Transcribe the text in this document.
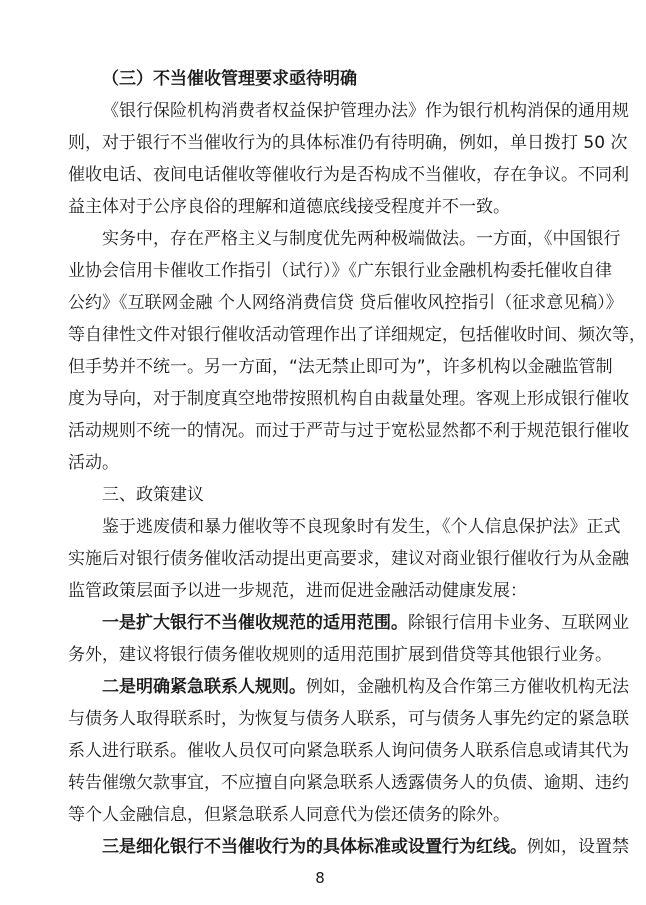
（三）不当催收管理要求亟待明确
《银行保险机构消费者权益保护管理办法》作为银行机构消保的通用规
则，对于银行不当催收行为的具体标准仍有待明确，例如，单日拨打 50 次
催收电话、夜间电话催收等催收行为是否构成不当催收，存在争议。不同利
益主体对于公序良俗的理解和道德底线接受程度并不一致。
实务中，存在严格主义与制度优先两种极端做法。一方面，《中国银行
业协会信用卡催收工作指引（试行）》《广东银行业金融机构委托催收自律
公约》《互联网金融 个人网络消费信贷 贷后催收风控指引（征求意见稿）》
等自律性文件对银行催收活动管理作出了详细规定，包括催收时间、频次等，
但手势并不统一。另一方面，“法无禁止即可为”，许多机构以金融监管制
度为导向，对于制度真空地带按照机构自由裁量处理。客观上形成银行催收
活动规则不统一的情况。而过于严苛与过于宽松显然都不利于规范银行催收
活动。
三、政策建议
鉴于逃废债和暴力催收等不良现象时有发生，《个人信息保护法》正式
实施后对银行债务催收活动提出更高要求，建议对商业银行催收行为从金融
监管政策层面予以进一步规范，进而促进金融活动健康发展：
一是扩大银行不当催收规范的适用范围。除银行信用卡业务、互联网业
务外，建议将银行债务催收规则的适用范围扩展到借贷等其他银行业务。
二是明确紧急联系人规则。例如，金融机构及合作第三方催收机构无法
与债务人取得联系时，为恢复与债务人联系，可与债务人事先约定的紧急联
系人进行联系。催收人员仅可向紧急联系人询问债务人联系信息或请其代为
转告催缴欠款事宜，不应擅自向紧急联系人透露债务人的负债、逾期、违约
等个人金融信息，但紧急联系人同意代为偿还债务的除外。
三是细化银行不当催收行为的具体标准或设置行为红线。例如，设置禁
8
